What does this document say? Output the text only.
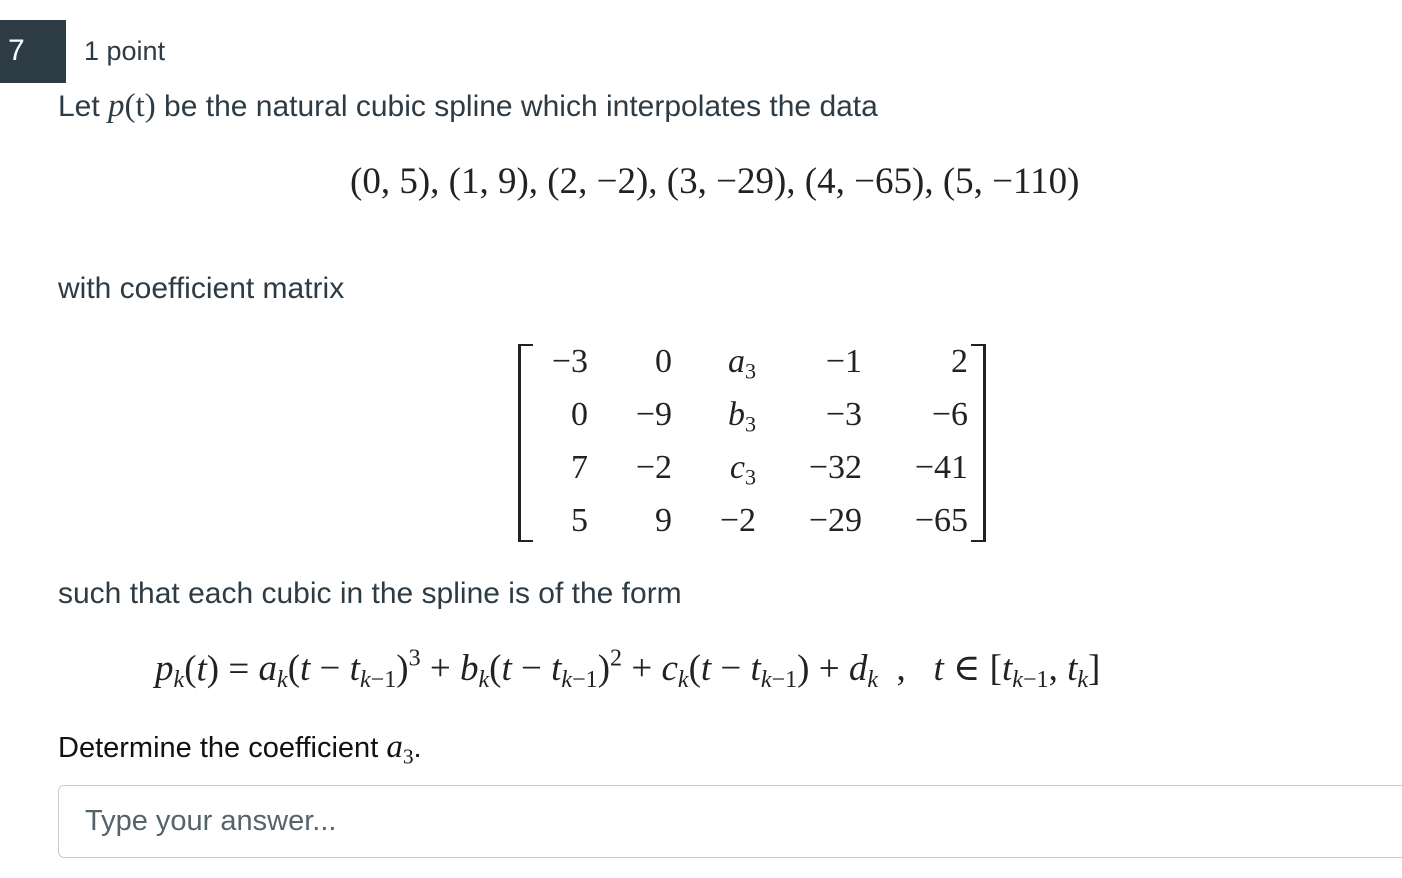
7 1 point
Let p(t) be the natural cubic spline which interpolates the data
(0, 5), (1, 9), (2, −2), (3, −29), (4, −65), (5, −110)
with coefficient matrix
−3	0	$a_3$	−1	2
0	−9	$b_3$	−3	−6
7	−2	$c_3$	−32	−41
5	9	−2	−29	−65
such that each cubic in the spline is of the form
$p_k(t) = a_k(t - t_{k-1})^3 + b_k(t - t_{k-1})^2 + c_k(t - t_{k-1}) + d_k$  ,   t ∈ [$t_{k-1}$, $t_k$]
Determine the coefficient $a_3$.
Type your answer...
